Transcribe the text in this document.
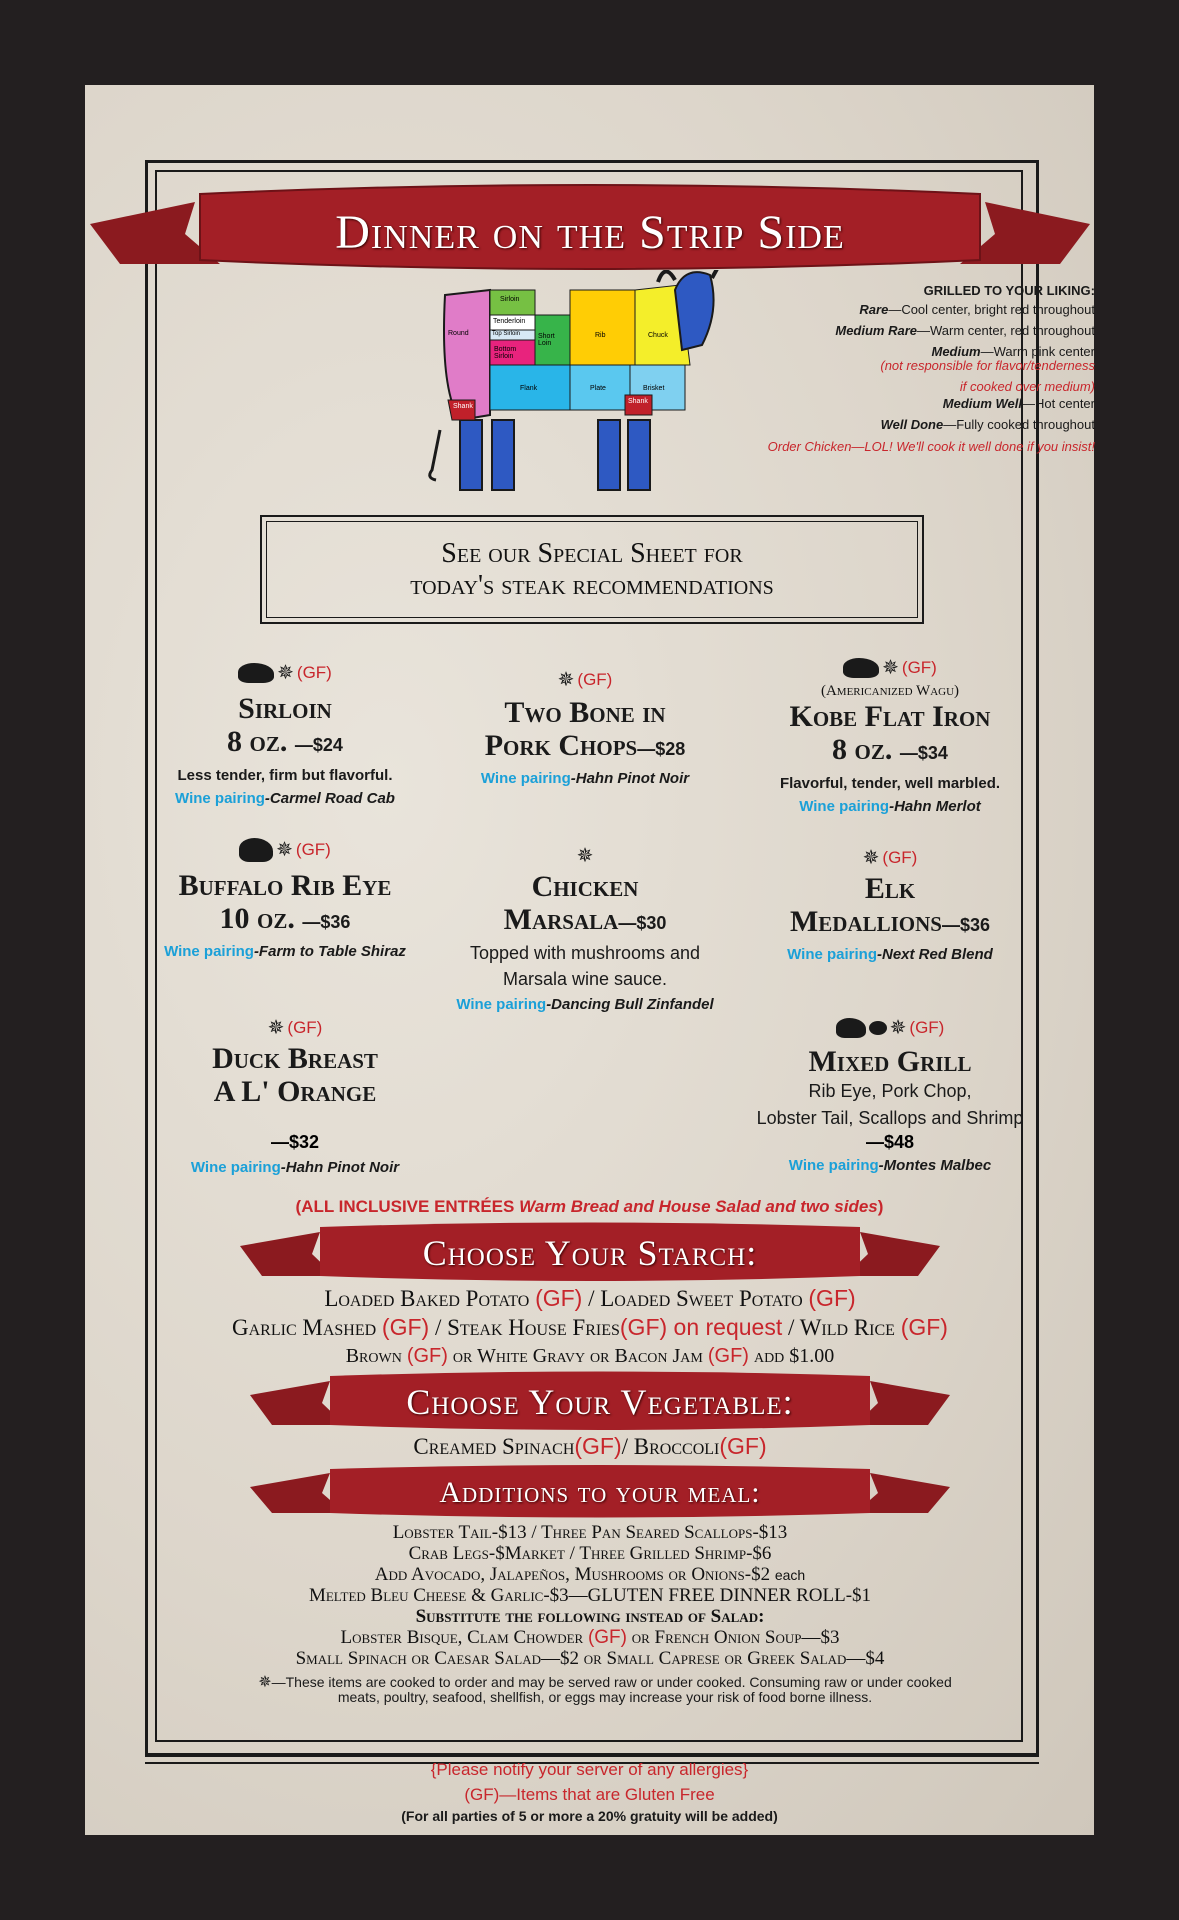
Dinner on the Strip Side
Round
Sirloin
Tenderloin
Top Sirloin
Bottom Sirloin
Short Loin
Rib	Chuck
Flank	Plate	Brisket
Shank
Shank
GRILLED TO YOUR LIKING:
Rare—Cool center, bright red throughout
Medium Rare—Warm center, red throughout
Medium—Warm pink center
(not responsible for flavor/tenderness
if cooked over medium)
Medium Well—Hot center
Well Done—Fully cooked throughout
Order Chicken—LOL! We'll cook it well done if you insist!
See our Special Sheet for
today's steak recommendations
✵ (GF)
Sirloin
8 oz. —$24
Less tender, firm but flavorful.
Wine pairing-Carmel Road Cab
✵ (GF)
Two Bone in
Pork Chops—$28
Wine pairing-Hahn Pinot Noir
✵ (GF)
(Americanized Wagu)
Kobe Flat Iron
8 oz. —$34
Flavorful, tender, well marbled.
Wine pairing-Hahn Merlot
✵ (GF)
Buffalo Rib Eye
10 oz. —$36
Wine pairing-Farm to Table Shiraz
✵
Chicken
Marsala—$30
Topped with mushrooms and
Marsala wine sauce.
Wine pairing-Dancing Bull Zinfandel
✵ (GF)
Elk
Medallions—$36
Wine pairing-Next Red Blend
✵ (GF)
Duck Breast
A L' Orange
—$32
Wine pairing-Hahn Pinot Noir
✵ (GF)
Mixed Grill
Rib Eye, Pork Chop,
Lobster Tail, Scallops and Shrimp
—$48
Wine pairing-Montes Malbec
(ALL INCLUSIVE ENTRÉES Warm Bread and House Salad and two sides)
Choose Your Starch:
Loaded Baked Potato (GF) / Loaded Sweet Potato (GF)
Garlic Mashed (GF) / Steak House Fries(GF) on request / Wild Rice (GF)
Brown (GF) or White Gravy or Bacon Jam (GF) add $1.00
Choose Your Vegetable:
Creamed Spinach(GF)/ Broccoli(GF)
Additions to your meal:
Lobster Tail-$13 / Three Pan Seared Scallops-$13
Crab Legs-$Market / Three Grilled Shrimp-$6
Add Avocado, Jalapeños, Mushrooms or Onions-$2 each
Melted Bleu Cheese & Garlic-$3—GLUTEN FREE DINNER ROLL-$1
Substitute the following instead of Salad:
Lobster Bisque, Clam Chowder (GF) or French Onion Soup—$3
Small Spinach or Caesar Salad—$2 or Small Caprese or Greek Salad—$4
✵—These items are cooked to order and may be served raw or under cooked. Consuming raw or under cooked
meats, poultry, seafood, shellfish, or eggs may increase your risk of food borne illness.
{Please notify your server of any allergies}
(GF)—Items that are Gluten Free
(For all parties of 5 or more a 20% gratuity will be added)
